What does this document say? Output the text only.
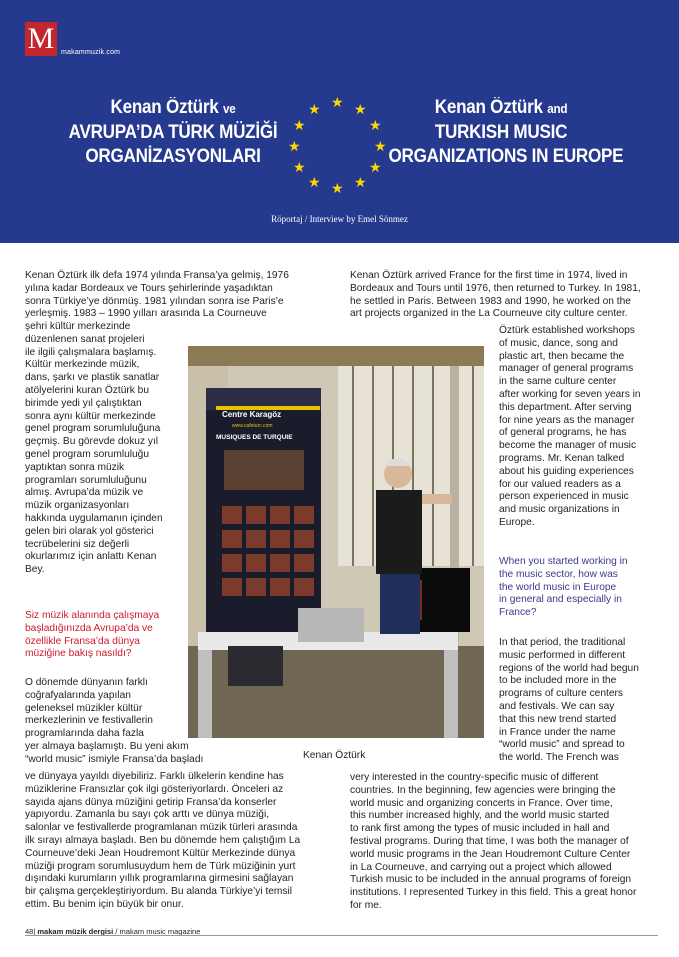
M makammuzik.com
Kenan Öztürk ve
AVRUPA’DA TÜRK MÜZİĞİ
ORGANİZASYONLARI
★ ★
★
★
★
★
★
★
★
★
★
★	Kenan Öztürk and
TURKISH MUSIC
ORGANIZATIONS IN EUROPE
Röportaj / Interview by Emel Sönmez
Kenan Öztürk ilk defa 1974 yılında Fransa’ya gelmiş, 1976
yılına kadar Bordeaux ve Tours şehirlerinde yaşadıktan
sonra Türkiye’ye dönmüş. 1981 yılından sonra ise Paris’e
yerleşmiş. 1983 – 1990 yılları arasında La Courneuve
şehri kültür merkezinde
düzenlenen sanat projeleri
ile ilgili çalışmalara başlamış.
Kültür merkezinde müzik,
dans, şarkı ve plastik sanatlar
atölyelerini kuran Öztürk bu
birimde yedi yıl çalıştıktan
sonra aynı kültür merkezinde
genel program sorumluluğuna
geçmiş. Bu görevde dokuz yıl
genel program sorumluluğu
yaptıktan sonra müzik
programları sorumluluğunu
almış. Avrupa’da müzik ve
müzik organizasyonları
hakkında uygulamanın içinden
gelen biri olarak yol gösterici
tecrübelerini siz değerli
okurlarımız için anlattı Kenan
Bey.
Siz müzik alanında çalışmaya
başladığınızda Avrupa’da ve
özellikle Fransa’da dünya
müziğine bakış nasıldı?
O dönemde dünyanın farklı
coğrafyalarında yapılan
geleneksel müzikler kültür
merkezlerinin ve festivallerin
programlarında daha fazla
yer almaya başlamıştı. Bu yeni akım
“world music” ismiyle Fransa’da başladı
ve dünyaya yayıldı diyebiliriz. Farklı ülkelerin kendine has
müziklerine Fransızlar çok ilgi gösteriyorlardı. Önceleri az
sayıda ajans dünya müziğini getirip Fransa’da konserler
yapıyordu. Zamanla bu sayı çok arttı ve dünya müziği,
salonlar ve festivallerde programlanan müzik türleri arasında
ilk sırayı almaya başladı. Ben bu dönemde hem çalıştığım La
Courneuve’deki Jean Houdremont Kültür Merkezinde dünya
müziği program sorumlusuydum hem de Türk müziğinin yurt
dışındaki kurumların yıllık programlarına girmesini sağlayan
bir çalışma gerçekleştiriyordum. Bu alanda Türkiye’yi temsil
ettim. Bu benim için büyük bir onur.
Kenan Öztürk arrived France for the first time in 1974, lived in
Bordeaux and Tours until 1976, then returned to Turkey. In 1981,
he settled in Paris. Between 1983 and 1990, he worked on the
art projects organized in the La Courneuve city culture center.
Öztürk established workshops
of music, dance, song and
plastic art, then became the
manager of general programs
in the same culture center
after working for seven years in
this department. After serving
for nine years as the manager
of general programs, he has
become the manager of music
programs. Mr. Kenan talked
about his guiding experiences
for our valued readers as a
person experienced in music
and music organizations in
Europe.
When you started working in
the music sector, how was
the world music in Europe
in general and especially in
France?
In that period, the traditional
music performed in different
regions of the world had begun
to be included more in the
programs of culture centers
and festivals. We can say
that this new trend started
in France under the name
“world music” and spread to
the world. The French was
very interested in the country-specific music of different
countries. In the beginning, few agencies were bringing the
world music and organizing concerts in France. Over time,
this number increased highly, and the world music started
to rank first among the types of music included in hall and
festival programs. During that time, I was both the manager of
world music programs in the Jean Houdremont Culture Center
in La Courneuve, and carrying out a project which allowed
Turkish music to be included in the annual programs of foreign
institutions. I represented Turkey in this field. This a great honor
for me.
Centre Karagöz
www.cafeturc.com
MUSIQUES DE TURQUIE
Kenan Öztürk
48| makam müzik dergisi / makam music magazine
